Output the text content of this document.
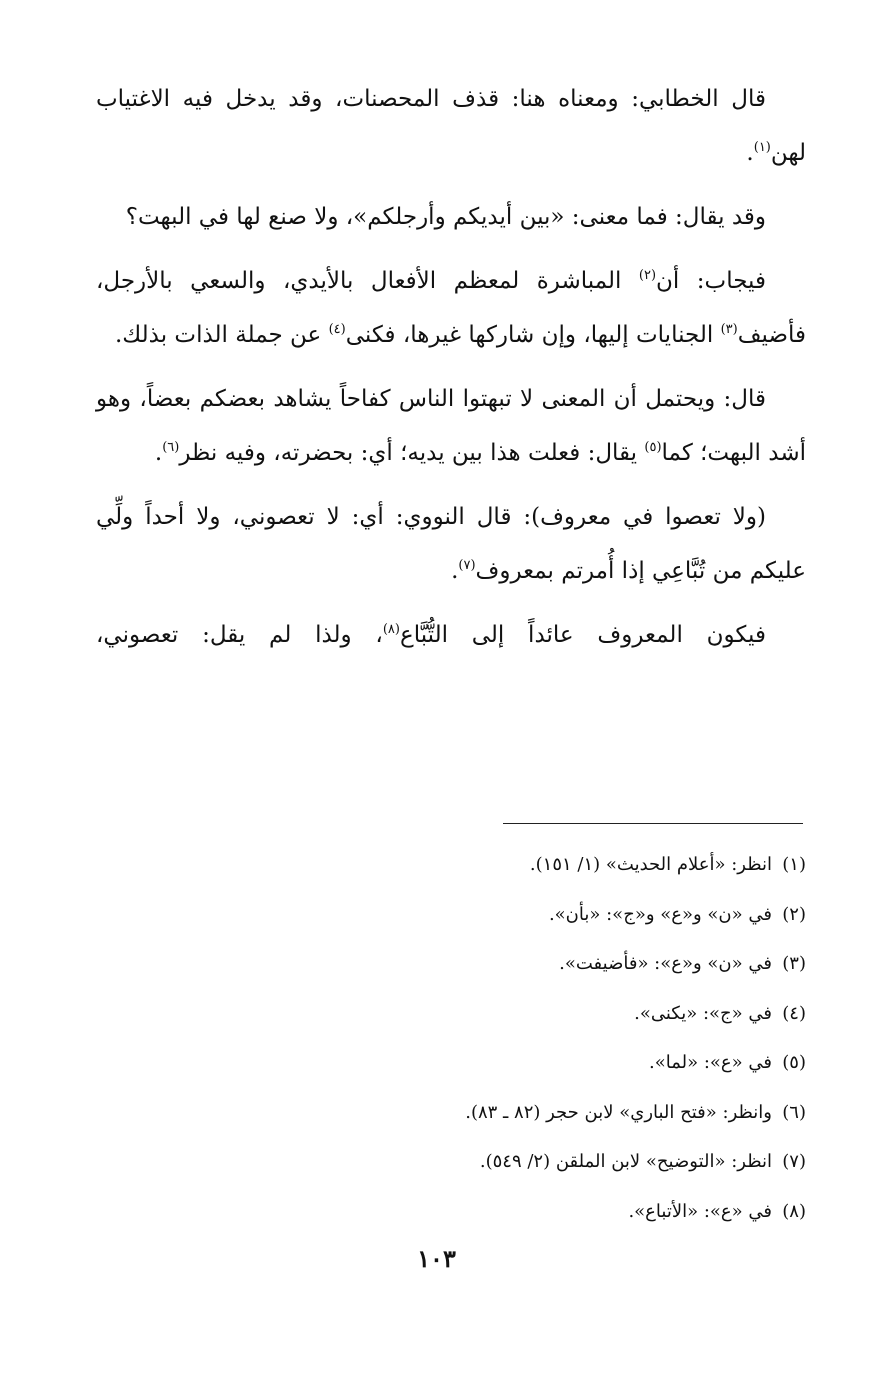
قال الخطابي: ومعناه هنا: قذف المحصنات، وقد يدخل فيه الاغتياب لهن$^{(١)}$.

وقد يقال: فما معنى: «بين أيديكم وأرجلكم»، ولا صنع لها في البهت؟

فيجاب: أن$^{(٢)}$ المباشرة لمعظم الأفعال بالأيدي، والسعي بالأرجل، فأضيف$^{(٣)}$ الجنايات إليها، وإن شاركها غيرها، فكنى$^{(٤)}$ عن جملة الذات بذلك.

قال: ويحتمل أن المعنى لا تبهتوا الناس كفاحاً يشاهد بعضكم بعضاً، وهو أشد البهت؛ كما$^{(٥)}$ يقال: فعلت هذا بين يديه؛ أي: بحضرته، وفيه نظر$^{(٦)}$.

(ولا تعصوا في معروف): قال النووي: أي: لا تعصوني، ولا أحداً ولِّي عليكم من تُبَّاعِي إذا أُمرتم بمعروف$^{(٧)}$.

فيكون المعروف عائداً إلى التُّبَّاع$^{(٨)}$، ولذا لم يقل: تعصوني،

(١)انظر: «أعلام الحديث» (١/ ١٥١).

(٢)في «ن» و«ع» و«ج»: «بأن».

(٣)في «ن» و«ع»: «فأضيفت».

(٤)في «ج»: «يكنى».

(٥)في «ع»: «لما».

(٦)وانظر: «فتح الباري» لابن حجر (٨٢ ـ ٨٣).

(٧)انظر: «التوضيح» لابن الملقن (٢/ ٥٤٩).

(٨)في «ع»: «الأتباع».

١٠٣
